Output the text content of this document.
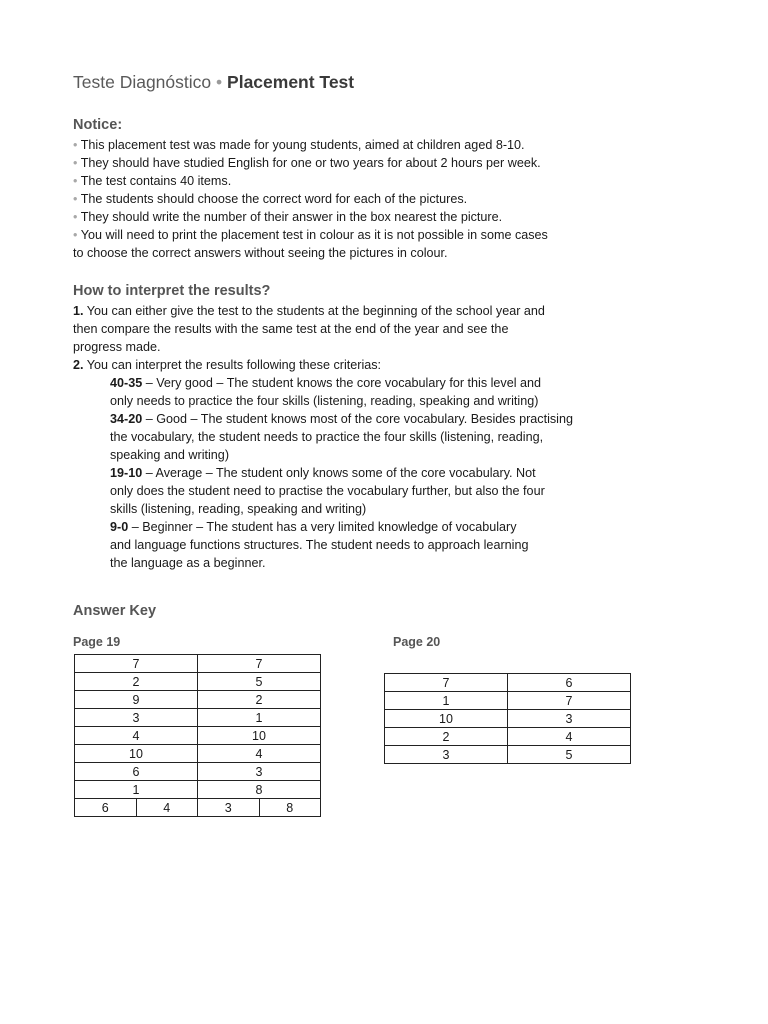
Teste Diagnóstico • Placement Test
Notice:
• This placement test was made for young students, aimed at children aged 8-10.
• They should have studied English for one or two years for about 2 hours per week.
• The test contains 40 items.
• The students should choose the correct word for each of the pictures.
• They should write the number of their answer in the box nearest the picture.
• You will need to print the placement test in colour as it is not possible in some cases
to choose the correct answers without seeing the pictures in colour.
How to interpret the results?
1. You can either give the test to the students at the beginning of the school year and
then compare the results with the same test at the end of the year and see the
progress made.
2. You can interpret the results following these criterias:
40-35 – Very good – The student knows the core vocabulary for this level and
only needs to practice the four skills (listening, reading, speaking and writing)
34-20 – Good – The student knows most of the core vocabulary. Besides practising
the vocabulary, the student needs to practice the four skills (listening, reading,
speaking and writing)
19-10 – Average – The student only knows some of the core vocabulary. Not
only does the student need to practise the vocabulary further, but also the four
skills (listening, reading, speaking and writing)
9-0 – Beginner – The student has a very limited knowledge of vocabulary
and language functions structures. The student needs to approach learning
the language as a beginner.
Answer Key
Page 19
7		7	
2		5	
9		2	
3		1	
4		10	
10		4	
6		3	
1		8	
6	4	3	8
Page 20
7	6
1	7
10	3
2	4
3	5
